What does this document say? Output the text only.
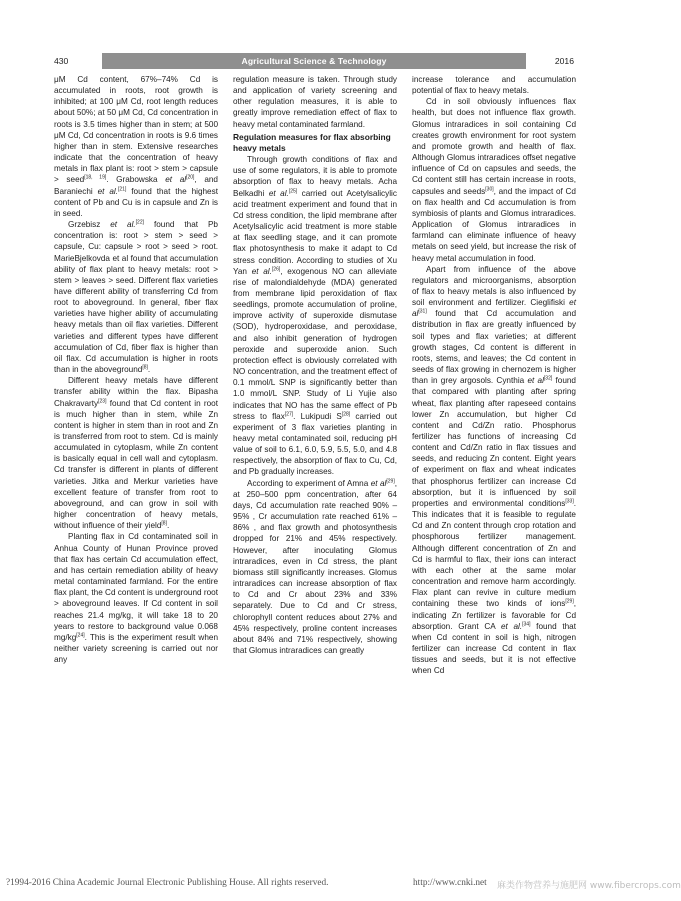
430	Agricultural Science & Technology	2016

μM Cd content, 67%–74% Cd is accumulated in roots, root growth is inhibited; at 100 μM Cd, root length reduces about 50%; at 50 μM Cd, Cd concentration in roots is 3.5 times higher than in stem; at 500 μM Cd, Cd concentration in roots is 9.6 times higher than in stem. Extensive researches indicate that the concentration of heavy metals in flax plant is: root > stem > capsule > seed[18, 19]. Grabowska et al[20], and Baraniechi et al.[21] found that the highest content of Pb and Cu is in capsule and Zn is in seed.

Grzebisz et al.[22] found that Pb concentration is: root > stem > seed > capsule, Cu: capsule > root > seed > root. MarieBjelkovda et al found that accumulation ability of flax plant to heavy metals: root > stem > leaves > seed. Different flax varieties have different ability of transferring Cd from root to aboveground. In general, fiber flax varieties have higher ability of accumulating heavy metals than oil flax varieties. Different varieties and different types have different accumulation of Cd, fiber flax is higher than oil flax. Cd accumulation is higher in roots than in the aboveground[8].

Different heavy metals have different transfer ability within the flax. Bipasha Chakravarty[23] found that Cd content in root is much higher than in stem, while Zn content is higher in stem than in root and Zn is transferred from root to stem. Cd is mainly accumulated in cytoplasm, while Zn content is basically equal in cell wall and cytoplasm. Cd transfer is different in plants of different varieties. Jitka and Merkur varieties have excellent feature of transfer from root to aboveground, and can grow in soil with higher concentration of heavy metals, without influence of their yield[8].

Planting flax in Cd contaminated soil in Anhua County of Hunan Province proved that flax has certain Cd accumulation effect, and has certain remediation ability of heavy metal contaminated farmland. For the entire flax plant, the Cd content is underground root > aboveground leaves. If Cd content in soil reaches 21.4 mg/kg, it will take 18 to 20 years to restore to background value 0.068 mg/kg[24]. This is the experiment result when neither variety screening is carried out nor any

regulation measure is taken. Through study and application of variety screening and other regulation measures, it is able to greatly improve remediation effect of flax to heavy metal contaminated farmland.

Regulation measures for flax absorbing heavy metals

Through growth conditions of flax and use of some regulators, it is able to promote absorption of flax to heavy metals. Acha Belkadhi et al.[25] carried out Acetylsalicylic acid treatment experiment and found that in Cd stress condition, the lipid membrane after Acetylsalicylic acid treatment is more stable at flax seedling stage, and it can promote flax photosynthesis to make it adapt to Cd stress condition. According to studies of Xu Yan et al.[26], exogenous NO can alleviate rise of malondialdehyde (MDA) generated from membrane lipid peroxidation of flax seedlings, promote accumulation of proline, improve activity of superoxide dismutase (SOD), hydroperoxidase, and peroxidase, and also inhibit generation of hydrogen peroxide and superoxide anion. Such protection effect is obviously correlated with NO concentration, and the treatment effect of 0.1 mmol/L SNP is significantly better than 1.0 mmol/L SNP. Study of Li Yujie also indicates that NO has the same effect of Pb stress to flax[27]. Lukipudi S[28] carried out experiment of 3 flax varieties planting in heavy metal contaminated soil, reducing pH value of soil to 6.1, 6.0, 5.9, 5.5, 5.0, and 4.8 respectively, the absorption of flax to Cu, Cd, and Pb gradually increases.

According to experiment of Amna et al[29], at 250–500 ppm concentration, after 64 days, Cd accumulation rate reached 90% –95% , Cr accumulation rate reached 61% –86% , and flax growth and photosynthesis dropped for 21% and 45% respectively. However, after inoculating Glomus intraradices, even in Cd stress, the plant biomass still significantly increases. Glomus intraradices can increase absorption of flax to Cd and Cr about 23% and 33% separately. Due to Cd and Cr stress, chlorophyll content reduces about 27% and 45% respectively, proline content increases about 84% and 71% respectively, showing that Glomus intraradices can greatly

increase tolerance and accumulation potential of flax to heavy metals.

Cd in soil obviously influences flax health, but does not influence flax growth. Glomus intraradices in soil containing Cd creates growth environment for root system and promote growth and health of flax. Although Glomus intraradices offset negative influence of Cd on capsules and seeds, the Cd content still has certain increase in roots, capsules and seeds[30], and the impact of Cd on flax health and Cd accumulation is from symbiosis of plants and Glomus intraradices. Application of Glomus intraradices in farmland can eliminate influence of heavy metals on seed yield, but increase the risk of heavy metal accumulation in food.

Apart from influence of the above regulators and microorganisms, absorption of flax to heavy metals is also influenced by soil environment and fertilizer. Cieglifiski et al[31] found that Cd accumulation and distribution in flax are greatly influenced by soil types and flax varieties; at different growth stages, Cd content is different in roots, stems, and leaves; the Cd content in seeds of flax growing in chernozem is higher than in grey argosols. Cynthia et al[32] found that compared with planting after spring wheat, flax planting after rapeseed contains lower Zn accumulation, but higher Cd content and Cd/Zn ratio. Phosphorus fertilizer has functions of increasing Cd content and Cd/Zn ratio in flax tissues and seeds, and reducing Zn content. Eight years of experiment on flax and wheat indicates that phosphorus fertilizer can increase Cd absorption, but it is influenced by soil properties and environmental conditions[33]. This indicates that it is feasible to regulate Cd and Zn content through crop rotation and phosphorous fertilizer management. Although different concentration of Zn and Cd is harmful to flax, their ions can interact with each other at the same molar concentration and remove harm accordingly. Flax plant can revive in culture medium containing these two kinds of ions[29], indicating Zn fertilizer is favorable for Cd absorption. Grant CA et al.[34] found that when Cd content in soil is high, nitrogen fertilizer can increase Cd content in flax tissues and seeds, but it is not effective when Cd

?1994-2016 China Academic Journal Electronic Publishing House. All rights reserved.	http://www.cnki.net 麻类作物营养与施肥网 www.fibercrops.com
